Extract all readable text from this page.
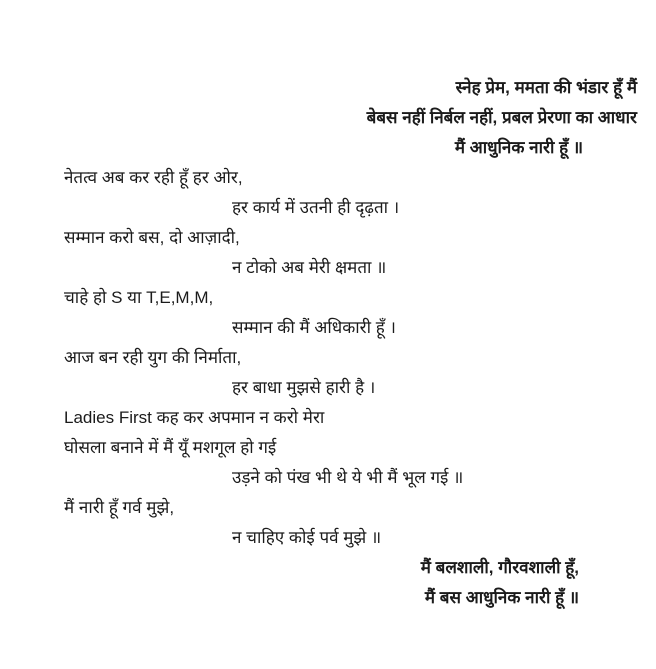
स्नेह प्रेम, ममता की भंडार हूँ मैं
बेबस नहीं निर्बल नहीं, प्रबल प्रेरणा का आधार
मैं आधुनिक नारी हूँ ॥
नेतत्व अब कर रही हूँ हर ओर,
हर कार्य में उतनी ही दृढ़ता ।
सम्मान करो बस, दो आज़ादी,
न टोको अब मेरी क्षमता ॥
चाहे हो S या T,E,M,M,
सम्मान की मैं अधिकारी हूँ ।
आज बन रही युग की निर्माता,
हर बाधा मुझसे हारी है ।
Ladies First कह कर अपमान न करो मेरा
घोसला बनाने में मैं यूँ मशगूल हो गई
उड़ने को पंख भी थे ये भी मैं भूल गई ॥
मैं नारी हूँ गर्व मुझे,
न चाहिए कोई पर्व मुझे ॥
मैं बलशाली, गौरवशाली हूँ,
मैं बस आधुनिक नारी हूँ ॥
